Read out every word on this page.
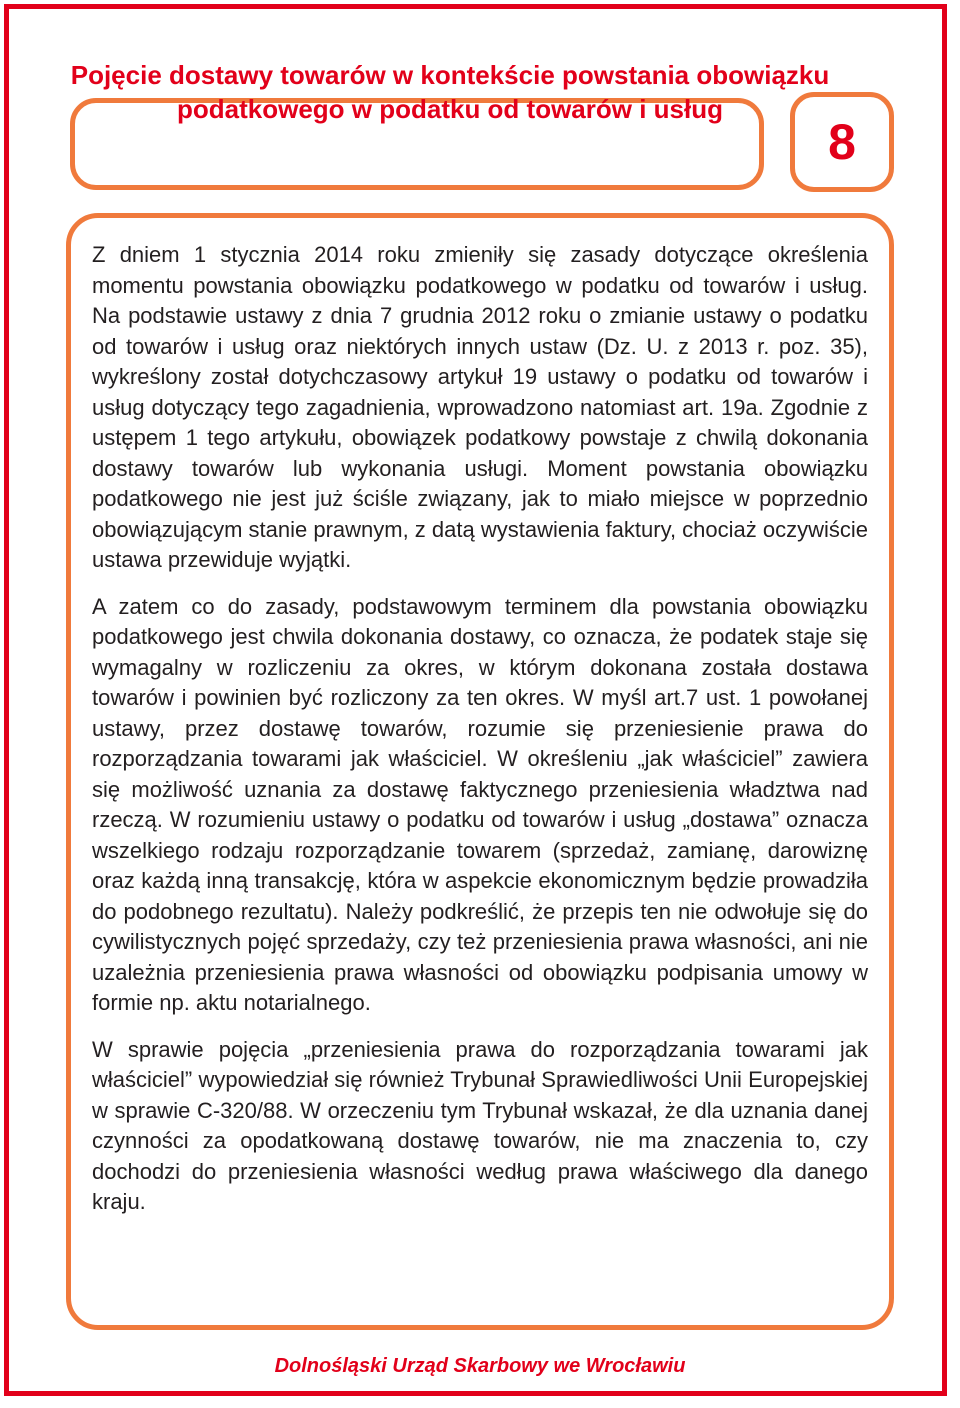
Pojęcie dostawy towarów w kontekście powstania obowiązku podatkowego w podatku od towarów i usług
8

Z dniem 1 stycznia 2014 roku zmieniły się zasady dotyczące określenia momentu powstania obowiązku podatkowego w podatku od towarów i usług. Na podstawie ustawy z dnia 7 grudnia 2012 roku o zmianie ustawy o podatku od towarów i usług oraz niektórych innych ustaw (Dz. U. z 2013 r. poz. 35), wykreślony został dotychczasowy artykuł 19 ustawy o podatku od towarów i usług dotyczący tego zagadnienia, wprowadzono natomiast art. 19a. Zgodnie z ustępem 1 tego artykułu, obowiązek podatkowy powstaje z chwilą dokonania dostawy towarów lub wykonania usługi. Moment powstania obowiązku podatkowego nie jest już ściśle związany, jak to miało miejsce w poprzednio obowiązującym stanie prawnym, z datą wystawienia faktury, chociaż oczywiście ustawa przewiduje wyjątki.

A zatem co do zasady, podstawowym terminem dla powstania obowiązku podatkowego jest chwila dokonania dostawy, co oznacza, że podatek staje się wymagalny w rozliczeniu za okres, w którym dokonana została dostawa towarów i powinien być rozliczony za ten okres. W myśl art.7 ust. 1 powołanej ustawy, przez dostawę towarów, rozumie się przeniesienie prawa do rozporządzania towarami jak właściciel. W określeniu „jak właściciel” zawiera się możliwość uznania za dostawę faktycznego przeniesienia władztwa nad rzeczą. W rozumieniu ustawy o podatku od towarów i usług „dostawa” oznacza wszelkiego rodzaju rozporządzanie towarem (sprzedaż, zamianę, darowiznę oraz każdą inną transakcję, która w aspekcie ekonomicznym będzie prowadziła do podobnego rezultatu). Należy podkreślić, że przepis ten nie odwołuje się do cywilistycznych pojęć sprzedaży, czy też przeniesienia prawa własności, ani nie uzależnia przeniesienia prawa własności od obowiązku podpisania umowy w formie np. aktu notarialnego.

W sprawie pojęcia „przeniesienia prawa do rozporządzania towarami jak właściciel” wypowiedział się również Trybunał Sprawiedliwości Unii Europejskiej w sprawie C-320/88. W orzeczeniu tym Trybunał wskazał, że dla uznania danej czynności za opodatkowaną dostawę towarów, nie ma znaczenia to, czy dochodzi do przeniesienia własności według prawa właściwego dla danego kraju.

Dolnośląski Urząd Skarbowy we Wrocławiu
